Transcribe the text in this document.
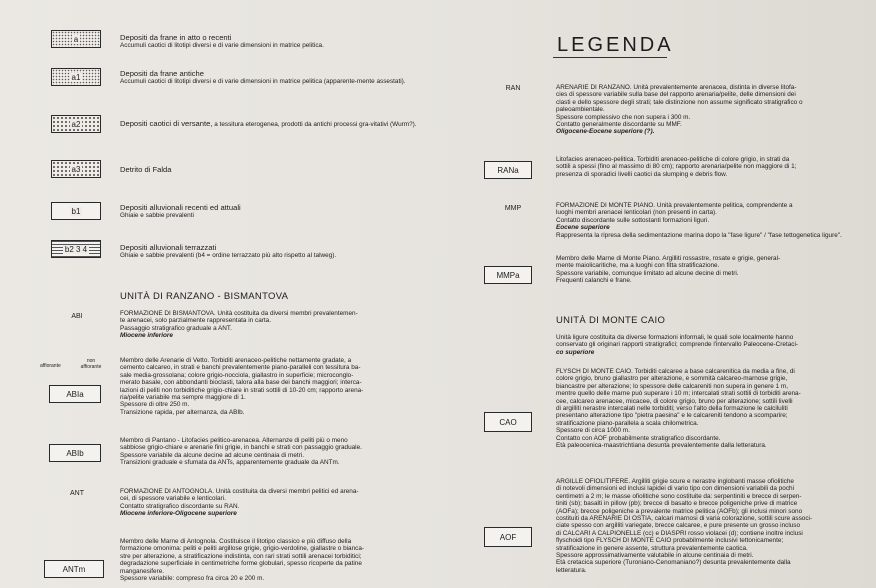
a	Depositi da frane in atto o recenti
Accumuli caotici di litotipi diversi e di varie dimensioni in matrice pelitica.
a1	Depositi da frane antiche
Accumuli caotici di litotipi diversi e di varie dimensioni in matrice pelitica (apparente-mente assestati).
a2	Depositi caotici di versante, a tessitura eterogenea, prodotti da antichi processi gra-vitativi (Wurm?).
a3	Detrito di Falda
b1	Depositi alluvionali recenti ed attuali
Ghiaie e sabbie prevalenti
b2 3 4	Depositi alluvionali terrazzati
Ghiaie e sabbie prevalenti (b4 = ordine terrazzato più alto rispetto al talweg).
UNITÀ DI RANZANO - BISMANTOVA
ABI	FORMAZIONE DI BISMANTOVA. Unità costituita da diversi membri prevalentemen-
te arenacei, solo parzialmente rappresentata in carta.
Passaggio stratigrafico graduale a ANT.
Miocene inferiore
affiorante
non affiorante
ABIa
Membro delle Arenarie di Vetto. Torbiditi arenaceo-pelitiche nettamente gradate, a
cemento calcareo, in strati e banchi prevalentemente piano-paralleli con tessitura ba-
sale media-grossolana; colore grigio-nocciola, giallastro in superficie; microconglo-
merato basale, con abbondanti bioclasti, talora alla base dei banchi maggiori; interca-
lazioni di peliti non torbiditiche grigio-chiare in strati sottili di 10-20 cm; rapporto arena-
ria/pelite variabile ma sempre maggiore di 1.
Spessore di oltre 250 m.
Transizione rapida, per alternanza, da ABIb.
ABIb
Membro di Pantano - Litofacies pelitico-arenacea. Alternanze di peliti più o meno
sabbiose grigio-chiare e arenarie fini grigie, in banchi e strati con passaggio graduale.
Spessore variabile da alcune decine ad alcune centinaia di metri.
Transizioni graduale e sfumata da ANTs, apparentemente graduale da ANTm.
ANT	FORMAZIONE DI ANTOGNOLA. Unità costituita da diversi membri pelitici ed arena-
cei, di spessore variabile e lenticolari.
Contatto stratigrafico discordante su RAN.
Miocene inferiore-Oligocene superiore
ANTm
Membro delle Marne di Antognola. Costituisce il litotipo classico e più diffuso della
formazione omonima: peliti e peliti argillose grigie, grigio-verdoline, giallastre o bianca-
stre per alterazione, a stratificazione indistinta, con rari strati sottili arenacei torbiditici;
degradazione superficiale in centimetriche forme globulari, spesso ricoperte da patine
manganesifere.
Spessore variabile: compreso fra circa 20 e 200 m.
LEGENDA
RAN	ARENARIE DI RANZANO. Unità prevalentemente arenacea, distinta in diverse litofa-
cies di spessore variabile sulla base del rapporto arenaria/pelite, delle dimensioni dei
clasti e dello spessore degli strati; tale distinzione non assume significato stratigrafico o
paleoambientale.
Spessore complessivo che non supera i 300 m.
Contatto generalmente discordante su MMF.
Oligocene-Eocene superiore (?).
RANa
Litofacies arenaceo-pelitica. Torbiditi arenaceo-pelitiche di colore grigio, in strati da
sottili a spessi (fino al massimo di 80 cm); rapporto arenaria/pelite non maggiore di 1;
presenza di sporadici livelli caotici da slumping e debris flow.
MMP	FORMAZIONE DI MONTE PIANO. Unità prevalentemente pelitica, comprendente a
luoghi membri arenacei lenticolari (non presenti in carta).
Contatto discordante sulle sottostanti formazioni liguri.
Eocene superiore
Rappresenta la ripresa della sedimentazione marina dopo la "fase ligure" / "fase tettogenetica ligure".
MMPa
Membro delle Marne di Monte Piano. Argilliti rossastre, rosate e grigie, general-
mente maiolicaritiche, ma a luoghi con fitta stratificazione.
Spessore variabile, comunque limitato ad alcune decine di metri.
Frequenti calanchi e frane.
UNITÀ DI MONTE CAIO
Unità ligure costituita da diverse formazioni informali, le quali sole localmente hanno
conservato gli originari rapporti stratigrafici; comprende l'intervallo Paleocene-Cretaci-
co superiore
CAO
FLYSCH DI MONTE CAIO. Torbiditi calcaree a base calcarenitica da media a fine, di
colore grigio, bruno giallastro per alterazione, e sommità calcareo-marnose grigie,
biancastre per alterazione; lo spessore delle calcareniti non supera in genere 1 m,
mentre quello delle marne può superare i 10 m; intercalati strati sottili di torbiditi arena-
cee, calcareo arenacee, micacee, di colore grigio, bruno per alterazione; sottili livelli
di argilliti nerastre intercalati nelle torbiditi; verso l'alto della formazione le calciluliti
presentano alterazione tipo "pietra paesina" e le calcareniti tendono a scomparire;
stratificazione piano-parallela a scala chilometrica.
Spessore di circa 1000 m.
Contatto con AOF probabilmente stratigrafico discordante.
Età paleocenica-maastrichtiana desunta prevalentemente dalla letteratura.
AOF
ARGILLE OFIOLITIFERE. Argilliti grigie scure e nerastre inglobanti masse ofiolitiche
di notevoli dimensioni ed inclusi lapidei di vario tipo con dimensioni variabili da pochi
centimetri a 2 m; le masse ofiolitiche sono costituite da: serpentiniti e brecce di serpen-
tiniti (sb); basalti in pillow (pb); brecce di basalto e brecce poligeniche prive di matrice
(AOFa); brecce poligeniche a prevalente matrice pelitica (AOFb); gli inclusi minori sono
costituiti da ARENARIE DI OSTIA, calcari marnosi di varia colorazione, sottili scure associ-
ciate spesso con argilliti variegate, brecce calcaree, e pure presente un grosso incluso
di CALCARI A CALPIONELLE (cc) e DIASPRI rosso violacei (d); contiene inoltre inclusi
flyschoidi tipo FLYSCH DI MONTE CAIO probabilmente inclusivi tettonicamente;
stratificazione in genere assente, struttura prevalentemente caotica.
Spessore approssimativamente valutabile in alcune centinaia di metri.
Età cretacica superiore (Turoniano-Cenomaniano?) desunta prevalentemente dalla
letteratura.
